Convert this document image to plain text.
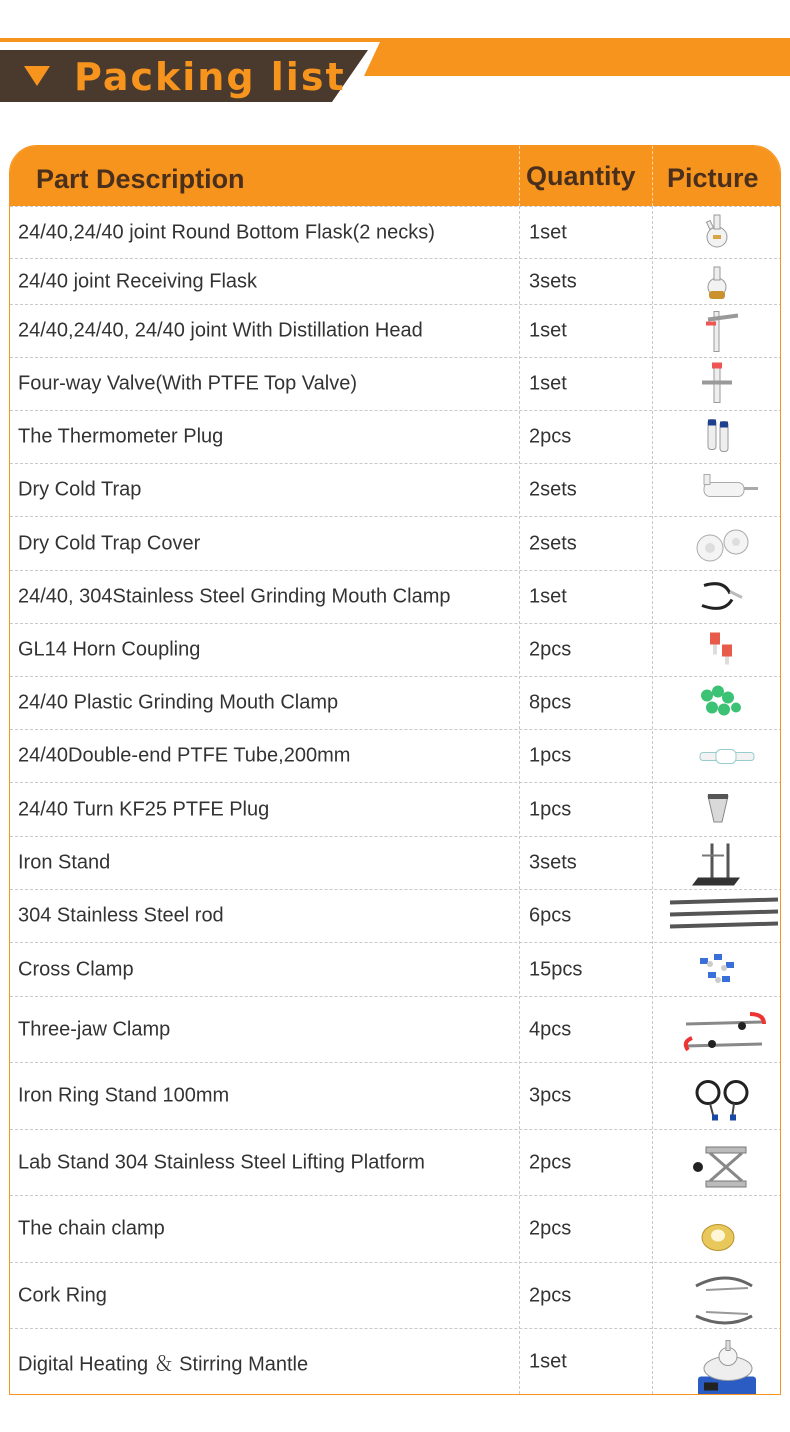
Packing list
Part Description	Quantity Picture
24/40,24/40 joint Round Bottom Flask(2 necks)	1set
24/40 joint Receiving Flask	3sets
24/40,24/40, 24/40 joint With Distillation Head	1set
Four-way Valve(With PTFE Top Valve)	1set
The Thermometer Plug	2pcs
Dry Cold Trap	2sets
Dry Cold Trap Cover	2sets
24/40, 304Stainless Steel Grinding Mouth Clamp	1set
GL14 Horn Coupling	2pcs
24/40 Plastic Grinding Mouth Clamp	8pcs
24/40Double-end PTFE Tube,200mm	1pcs
24/40 Turn KF25 PTFE Plug	1pcs
Iron Stand	3sets
304 Stainless Steel rod	6pcs
Cross Clamp	15pcs
Three-jaw Clamp	4pcs
Iron Ring Stand 100mm	3pcs
Lab Stand 304 Stainless Steel Lifting Platform	2pcs
The chain clamp	2pcs
Cork Ring	2pcs
Digital Heating ＆ Stirring Mantle	1set
